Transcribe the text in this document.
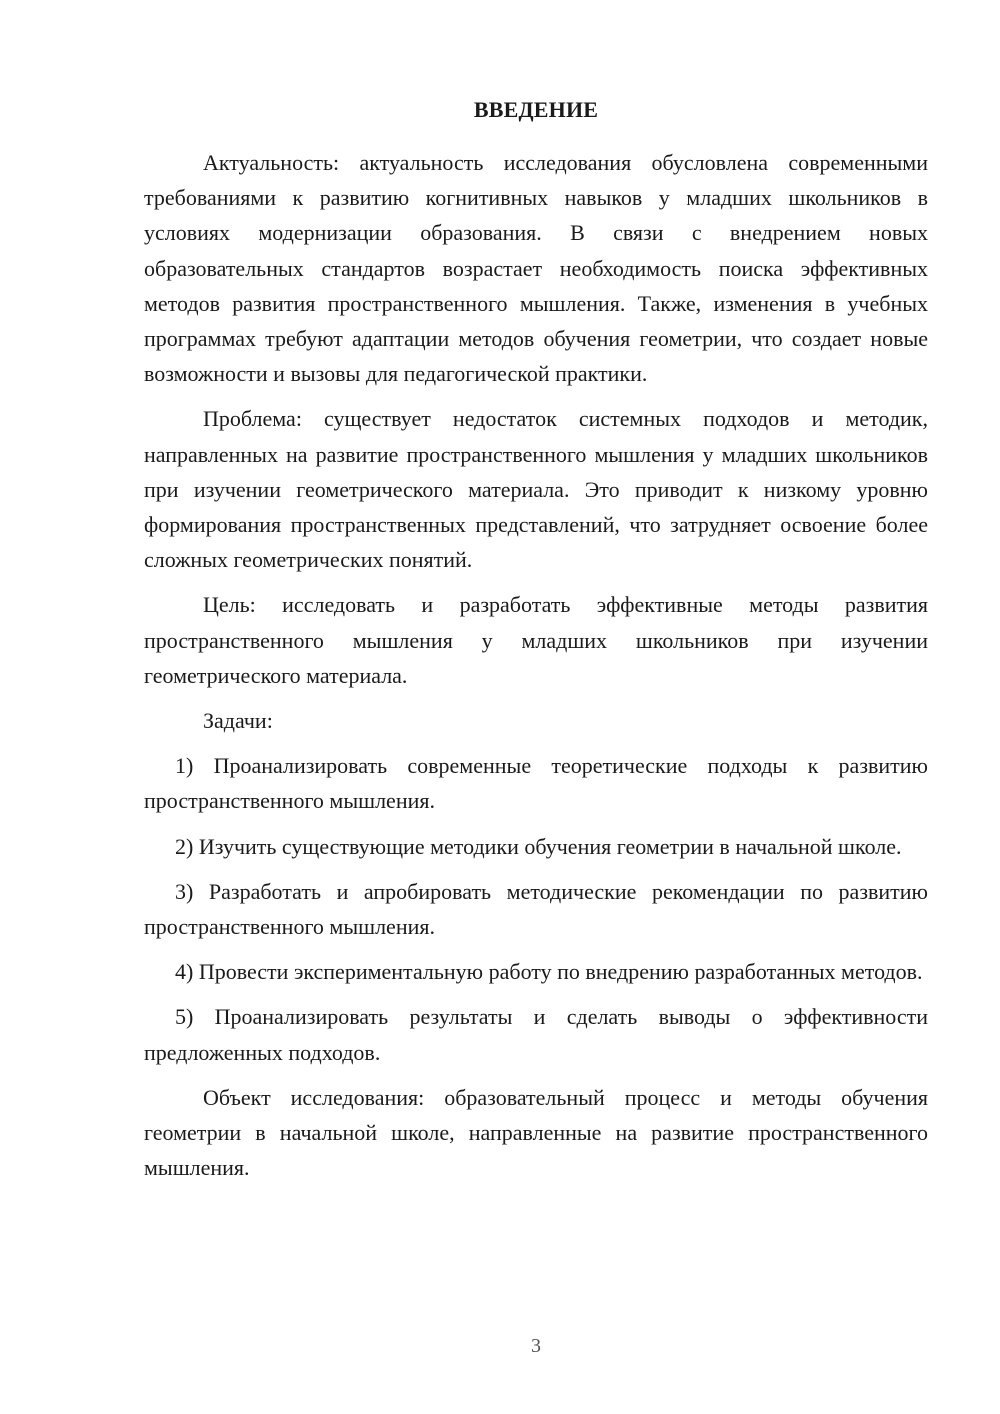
ВВЕДЕНИЕ

Актуальность: актуальность исследования обусловлена современными требованиями к развитию когнитивных навыков у младших школьников в условиях модернизации образования. В связи с внедрением новых образовательных стандартов возрастает необходимость поиска эффективных методов развития пространственного мышления. Также, изменения в учебных программах требуют адаптации методов обучения геометрии, что создает новые возможности и вызовы для педагогической практики.

Проблема: существует недостаток системных подходов и методик, направленных на развитие пространственного мышления у младших школьников при изучении геометрического материала. Это приводит к низкому уровню формирования пространственных представлений, что затрудняет освоение более сложных геометрических понятий.

Цель: исследовать и разработать эффективные методы развития пространственного мышления у младших школьников при изучении геометрического материала.

Задачи:

1) Проанализировать современные теоретические подходы к развитию пространственного мышления.

2) Изучить существующие методики обучения геометрии в начальной школе.

3) Разработать и апробировать методические рекомендации по развитию пространственного мышления.

4) Провести экспериментальную работу по внедрению разработанных методов.

5) Проанализировать результаты и сделать выводы о эффективности предложенных подходов.

Объект исследования: образовательный процесс и методы обучения геометрии в начальной школе, направленные на развитие пространственного мышления.

3
